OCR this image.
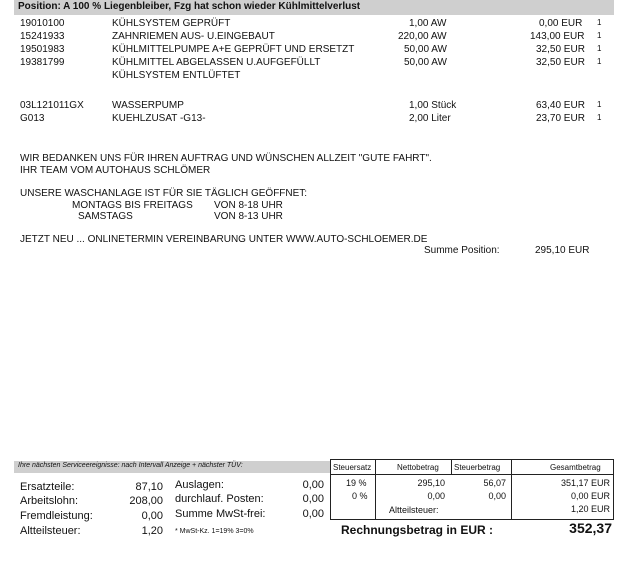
Position: A 100 % Liegenbleiber, Fzg hat schon wieder Kühlmittelverlust
19010100	KÜHLSYSTEM GEPRÜFT	1,00 AW	0,00 EUR 1
15241933	ZAHNRIEMEN AUS- U.EINGEBAUT	220,00 AW	143,00 EUR 1
19501983	KÜHLMITTELPUMPE A+E GEPRÜFT UND ERSETZT	50,00 AW	32,50 EUR 1
19381799	KÜHLMITTEL ABGELASSEN U.AUFGEFÜLLT	50,00 AW	32,50 EUR 1
KÜHLSYSTEM ENTLÜFTET
03L121011GX	WASSERPUMP	1,00 Stück	63,40 EUR 1
G013	KUEHLZUSAT -G13-	2,00 Liter	23,70 EUR 1
WIR BEDANKEN UNS FÜR IHREN AUFTRAG UND WÜNSCHEN ALLZEIT "GUTE FAHRT".
IHR TEAM VOM AUTOHAUS SCHLÖMER
UNSERE WASCHANLAGE IST FÜR SIE TÄGLICH GEÖFFNET:
MONTAGS BIS FREITAGS VON 8-18 UHR
SAMSTAGS	VON 8-13 UHR
JETZT NEU ... ONLINETERMIN VEREINBARUNG UNTER WWW.AUTO-SCHLOEMER.DE
Summe Position:	295,10 EUR
Ihre nächsten Serviceereignisse: nach Intervall Anzeige + nächster TÜV:
Ersatzteile:	87,10
Arbeitslohn:	208,00
Fremdleistung:	0,00
Altteilsteuer:	1,20
Auslagen:	0,00
durchlauf. Posten:	0,00
Summe MwSt-frei:	0,00
* MwSt-Kz. 1=19% 3=0%
Steuersatz	Nettobetrag Steuerbetrag	Gesamtbetrag
19 %	295,10	56,07	351,17 EUR
0 %	0,00	0,00	0,00 EUR
Altteilsteuer:	1,20 EUR
Rechnungsbetrag in EUR :	352,37
